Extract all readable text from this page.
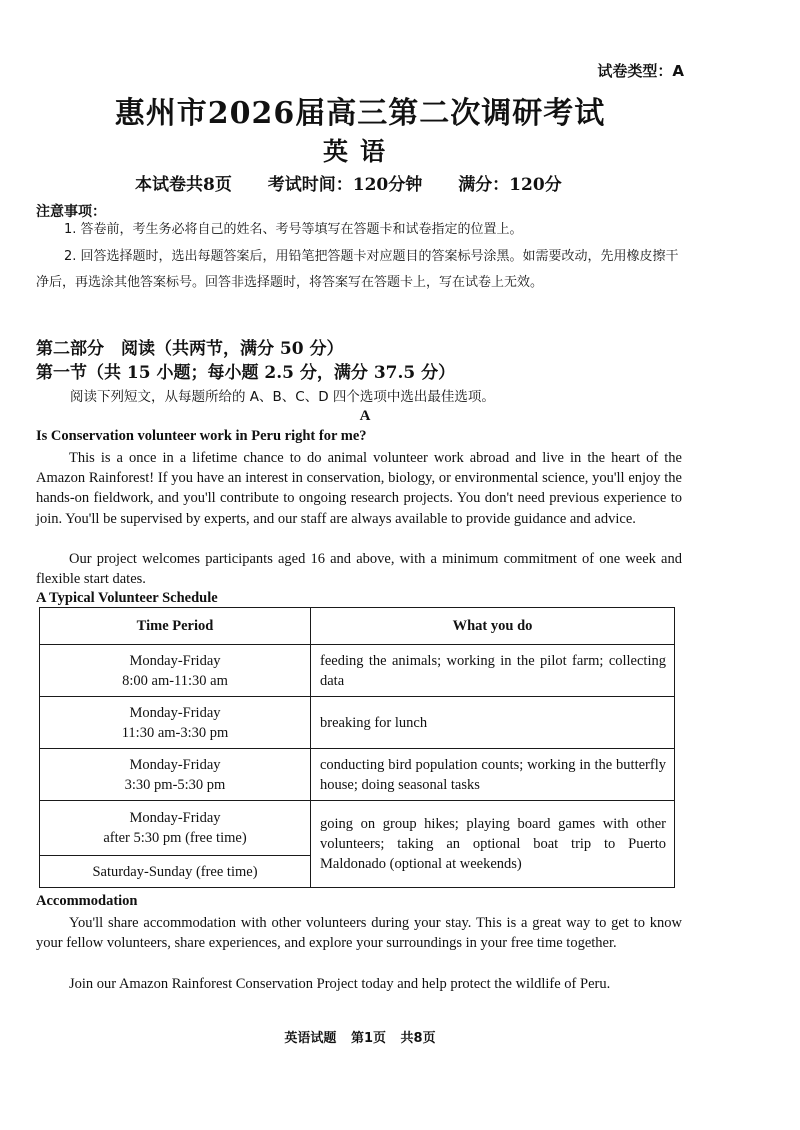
试卷类型：A
惠州市2026届高三第二次调研考试
英语
本试卷共8页 考试时间：120分钟 满分：120分
注意事项：
1. 答卷前，考生务必将自己的姓名、考号等填写在答题卡和试卷指定的位置上。
2. 回答选择题时，选出每题答案后，用铅笔把答题卡对应题目的答案标号涂黑。如需要改动，先用橡皮擦干净后，再选涂其他答案标号。回答非选择题时，将答案写在答题卡上，写在试卷上无效。
第二部分　阅读（共两节，满分 50 分）
第一节（共 15 小题；每小题 2.5 分，满分 37.5 分）
阅读下列短文，从每题所给的 A、B、C、D 四个选项中选出最佳选项。
A
Is Conservation volunteer work in Peru right for me?
This is a once in a lifetime chance to do animal volunteer work abroad and live in the heart of the Amazon Rainforest! If you have an interest in conservation, biology, or environmental science, you'll enjoy the hands-on fieldwork, and you'll contribute to ongoing research projects. You don't need previous experience to join. You'll be supervised by experts, and our staff are always available to provide guidance and advice.
Our project welcomes participants aged 16 and above, with a minimum commitment of one week and flexible start dates.
A Typical Volunteer Schedule
Time Period	What you do

Monday-Friday
8:00 am-11:30 am	feeding the animals; working in the pilot farm; collecting data

Monday-Friday
11:30 am-3:30 pm	breaking for lunch

Monday-Friday
3:30 pm-5:30 pm	conducting bird population counts; working in the butterfly house; doing seasonal tasks

Monday-Friday
after 5:30 pm (free time)	going on group hikes; playing board games with other volunteers; taking an optional boat trip to Puerto Maldonado (optional at weekends)

Saturday-Sunday (free time)	
Accommodation
You'll share accommodation with other volunteers during your stay. This is a great way to get to know your fellow volunteers, share experiences, and explore your surroundings in your free time together.
Join our Amazon Rainforest Conservation Project today and help protect the wildlife of Peru.
英语试题 第1页 共8页
